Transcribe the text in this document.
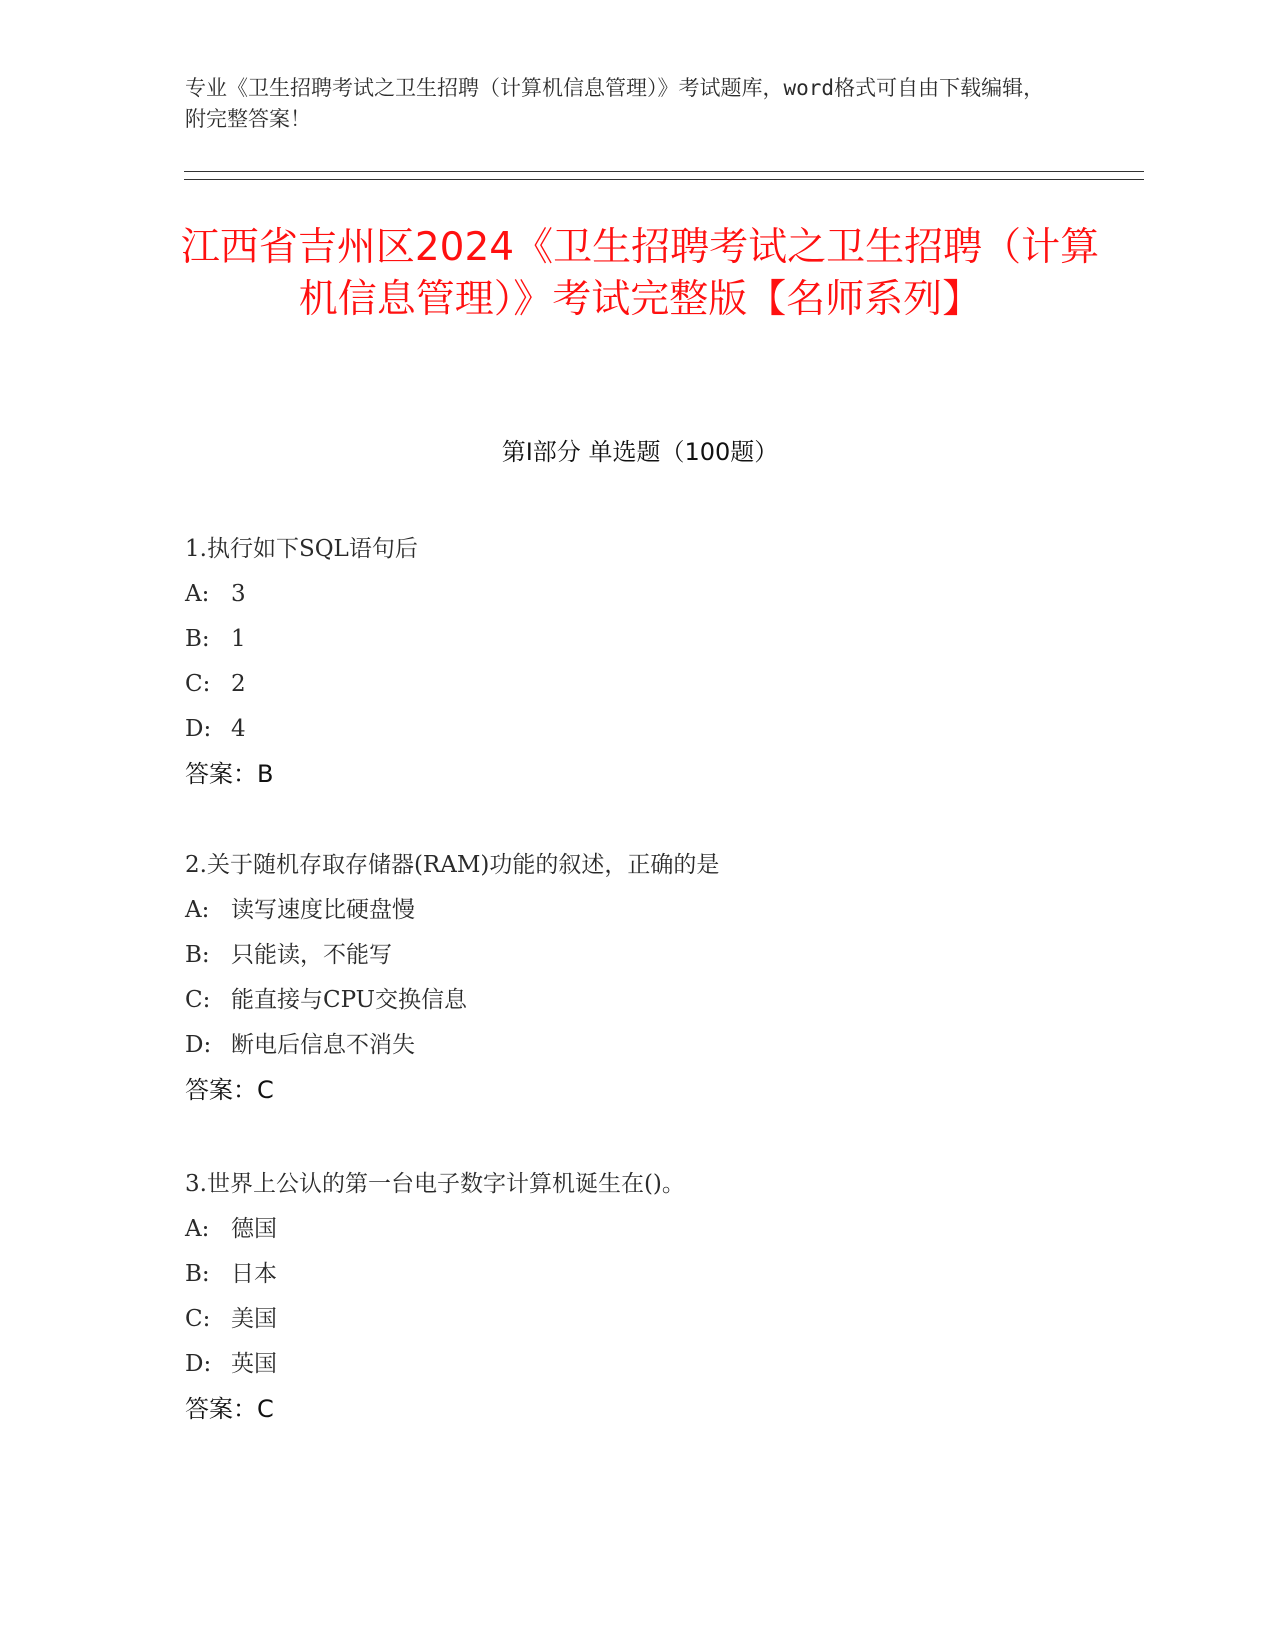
专业《卫生招聘考试之卫生招聘（计算机信息管理）》考试题库，word格式可自由下载编辑，附完整答案！

江西省吉州区2024《卫生招聘考试之卫生招聘（计算机信息管理）》考试完整版【名师系列】
第Ⅰ部分 单选题（100题）
1.执行如下SQL语句后
A: 3
B: 1
C: 2
D: 4
答案：B
2.关于随机存取存储器(RAM)功能的叙述，正确的是
A: 读写速度比硬盘慢
B: 只能读，不能写
C: 能直接与CPU交换信息
D: 断电后信息不消失
答案：C
3.世界上公认的第一台电子数字计算机诞生在()。
A: 德国
B: 日本
C: 美国
D: 英国
答案：C
